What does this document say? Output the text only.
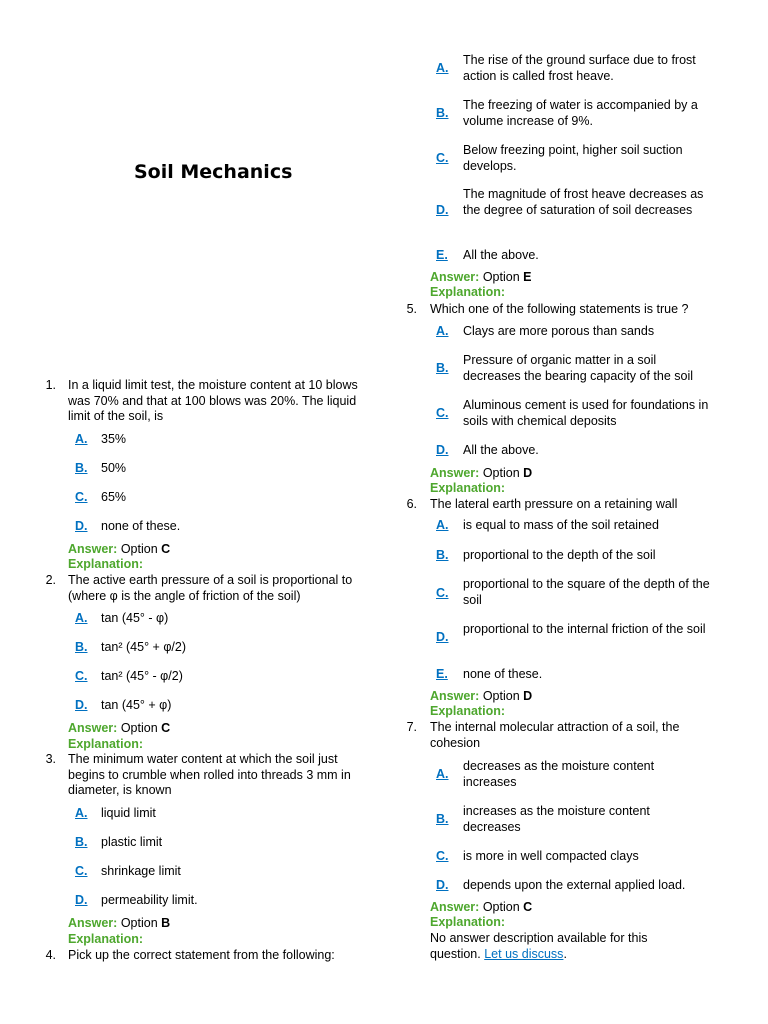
Soil Mechanics
1. In a liquid limit test, the moisture content at 10 blows was 70% and that at 100 blows was 20%. The liquid limit of the soil, is
A. 35%
B. 50%
C. 65%
D. none of these.
Answer: Option C
Explanation:
2. The active earth pressure of a soil is proportional to (where φ is the angle of friction of the soil)
A. tan (45° - φ)
B. tan² (45° + φ/2)
C. tan² (45° - φ/2)
D. tan (45° + φ)
Answer: Option C
Explanation:
3. The minimum water content at which the soil just begins to crumble when rolled into threads 3 mm in diameter, is known
A. liquid limit
B. plastic limit
C. shrinkage limit
D. permeability limit.
Answer: Option B
Explanation:
4. Pick up the correct statement from the following:
A.
The rise of the ground surface due to frost action is called frost heave.
B.
The freezing of water is accompanied by a volume increase of 9%.
C.
Below freezing point, higher soil suction develops.
D.
The magnitude of frost heave decreases as the degree of saturation of soil decreases
E. All the above.
Answer: Option E
Explanation:
5. Which one of the following statements is true ?
A. Clays are more porous than sands
B.
Pressure of organic matter in a soil decreases the bearing capacity of the soil
C.
Aluminous cement is used for foundations in soils with chemical deposits
D. All the above.
Answer: Option D
Explanation:
6. The lateral earth pressure on a retaining wall
A. is equal to mass of the soil retained
B. proportional to the depth of the soil
C.
proportional to the square of the depth of the soil
D.
proportional to the internal friction of the soil
E. none of these.
Answer: Option D
Explanation:
7. The internal molecular attraction of a soil, the cohesion
A.
decreases as the moisture content increases
B.
increases as the moisture content decreases
C. is more in well compacted clays
D. depends upon the external applied load.
Answer: Option C
Explanation:
No answer description available for this question. Let us discuss.
